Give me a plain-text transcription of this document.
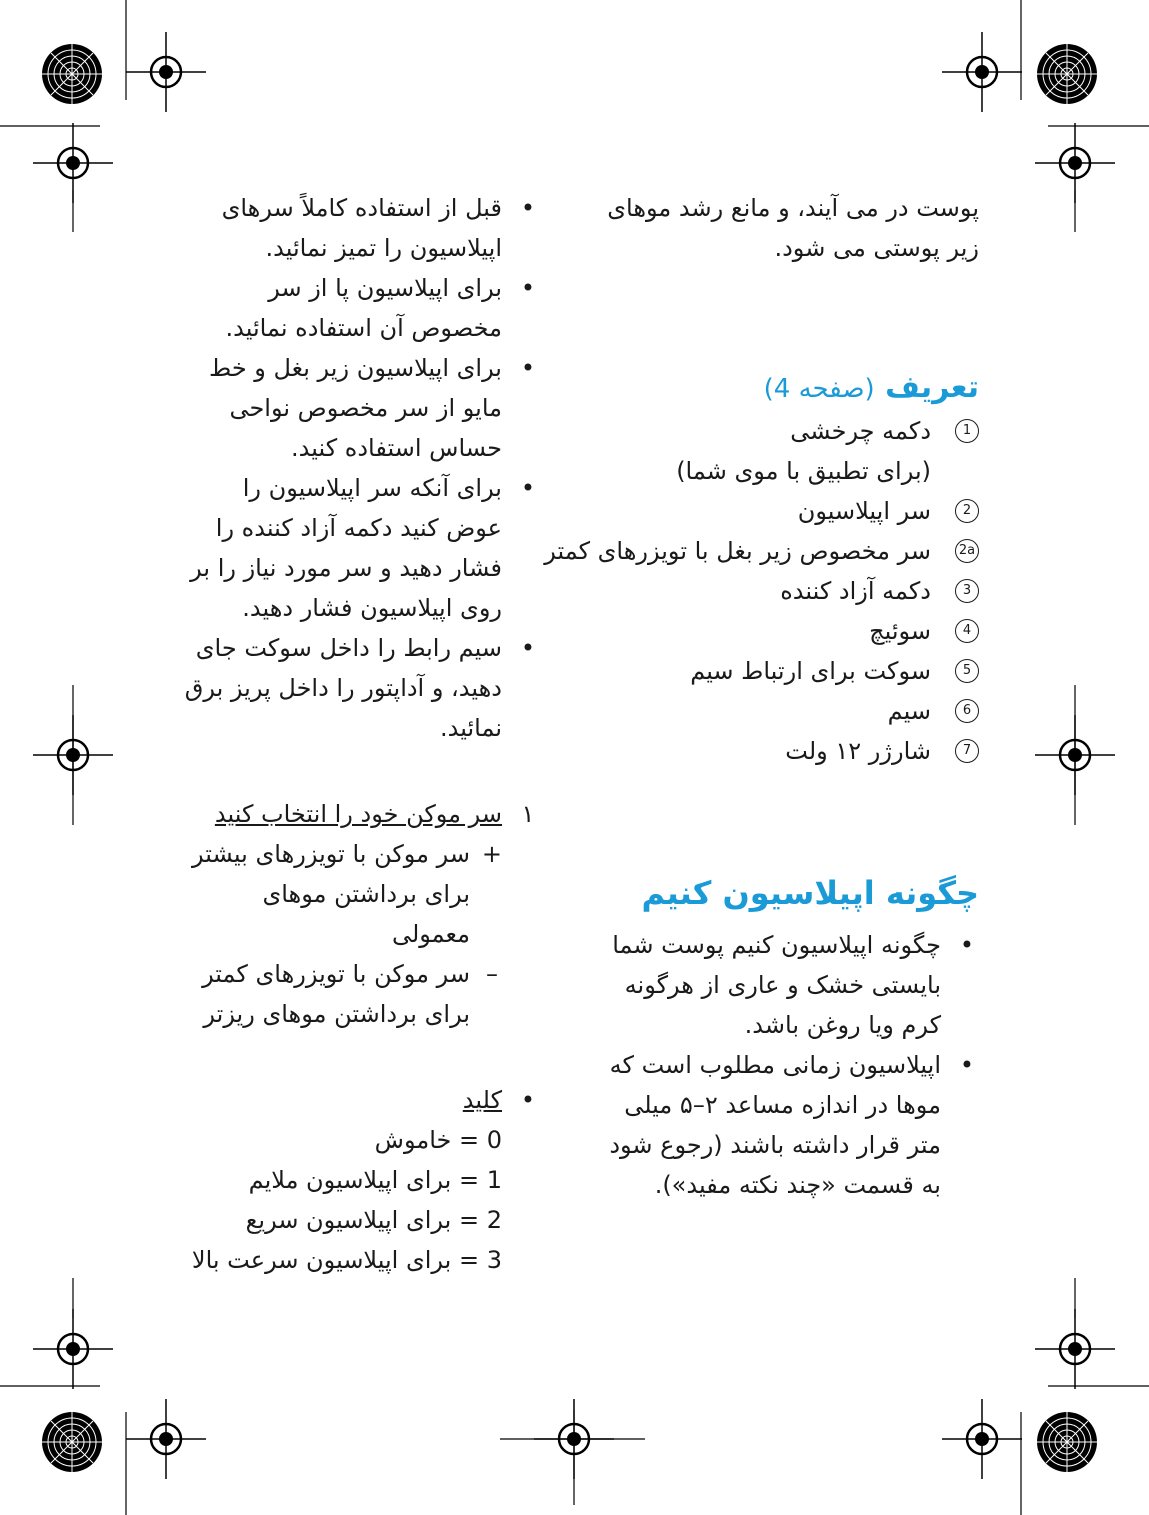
پوست در می آیند، و مانع رشد موهای زیر پوستی می شود.

تعریف (صفحه 4)

1
دکمه چرخشی
(برای تطبیق با موی شما)
2
سر اپیلاسیون
2a
سر مخصوص زیر بغل با تویزرهای کمتر
3
دکمه آزاد کننده
4
سوئیچ
5
سوکت برای ارتباط سیم
6
سیم
7
شارژر ۱۲ ولت

چگونه اپیلاسیون کنیم

•
چگونه اپیلاسیون کنیم پوست شما بایستی خشک و عاری از هرگونه کرم ویا روغن باشد.
•
اپیلاسیون زمانی مطلوب است که موها در اندازه مساعد ۲–۵ میلی متر قرار داشته باشند (رجوع شود به قسمت «چند نکته مفید»).
•
قبل از استفاده کاملاً سرهای اپیلاسیون را تمیز نمائید.
•
برای اپیلاسیون پا از سر مخصوص آن استفاده نمائید.
•
برای اپیلاسیون زیر بغل و خط مایو از سر مخصوص نواحی حساس استفاده کنید.
•
برای آنکه سر اپیلاسیون را عوض کنید دکمه آزاد کننده را فشار دهید و سر مورد نیاز را بر روی اپیلاسیون فشار دهید.
•
سیم رابط را داخل سوکت جای دهید، و آداپتور را داخل پریز برق نمائید.
۱
سر موکن خود را انتخاب کنید
+
سر موکن با تویزرهای بیشتر برای برداشتن موهای معمولی
–
سر موکن با تویزرهای کمتر برای برداشتن موهای ریزتر
•
کلید
0 = خاموش
1 = برای اپیلاسیون ملایم
2 = برای اپیلاسیون سریع
3 = برای اپیلاسیون سرعت بالا
